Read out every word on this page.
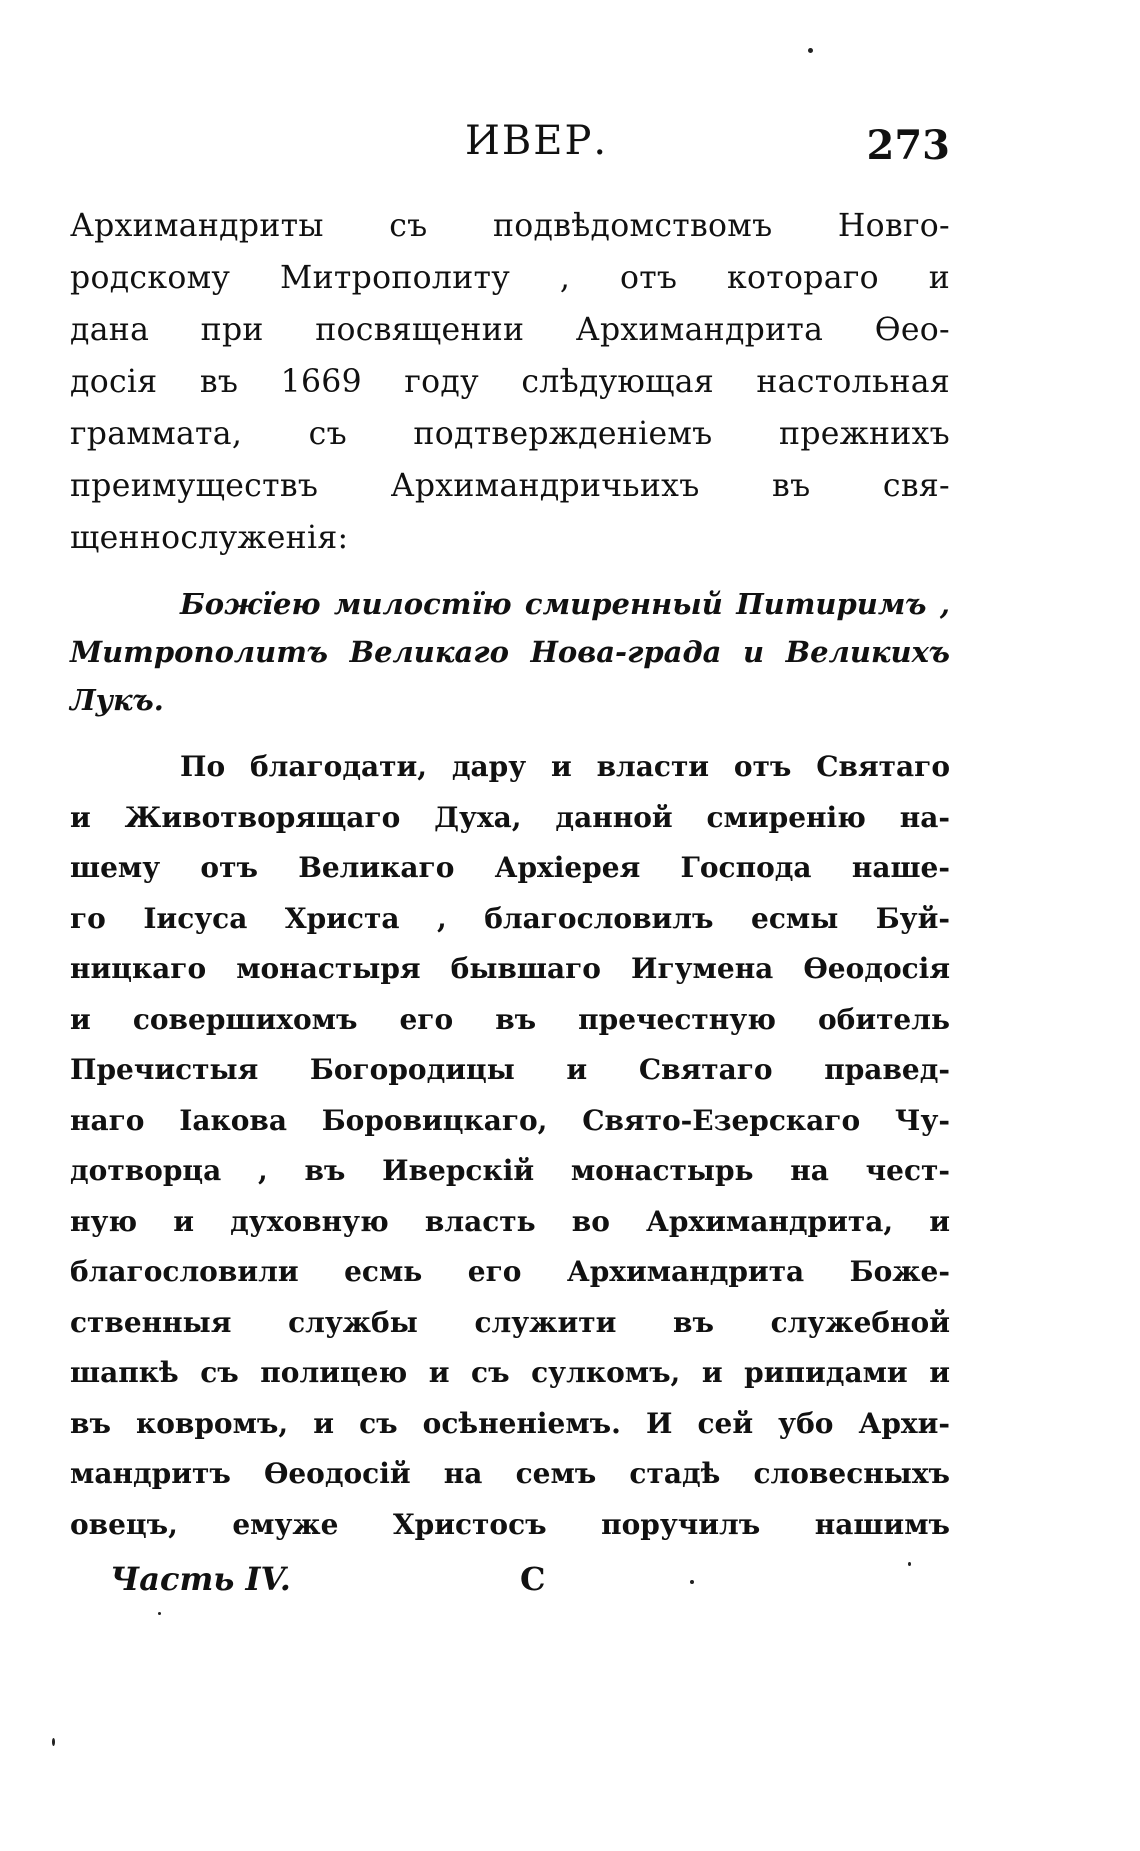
ИВЕР.	273
Архимандриты съ подвѣдомствомъ Новго-
родскому Митрополиту , отъ котораго и
дана при посвящении Архимандрита Ѳео-
досія въ 1669 году слѣдующая настольная
граммата, съ подтвержденіемъ прежнихъ
преимуществъ Архимандричьихъ въ свя-
щеннослуженія:
Божїею милостїю смиренный Питиримъ ,
Митрополитъ Великаго Нова-града и Великихъ
Лукъ.
По благодати, дару и власти отъ Святаго
и Животворящаго Духа, данной смиренію на-
шему отъ Великаго Архіерея Господа наше-
го Іисуса Христа , благословилъ есмы Буй-
ницкаго монастыря бывшаго Игумена Ѳеодосія
и совершихомъ его въ пречестную обитель
Пречистыя Богородицы и Святаго правед-
наго Іакова Боровицкаго, Свято-Езерскаго Чу-
дотворца , въ Иверскій монастырь на чест-
ную и духовную власть во Архимандрита, и
благословили есмь его Архимандрита Боже-
ственныя службы служити въ служебной
шапкѣ съ полицею и съ сулкомъ, и рипидами и
въ ковромъ, и съ осѣненіемъ. И сей убо Архи-
мандритъ Ѳеодосій на семъ стадѣ словесныхъ
овецъ, емуже Христосъ поручилъ нашимъ
Часть IV.	С
